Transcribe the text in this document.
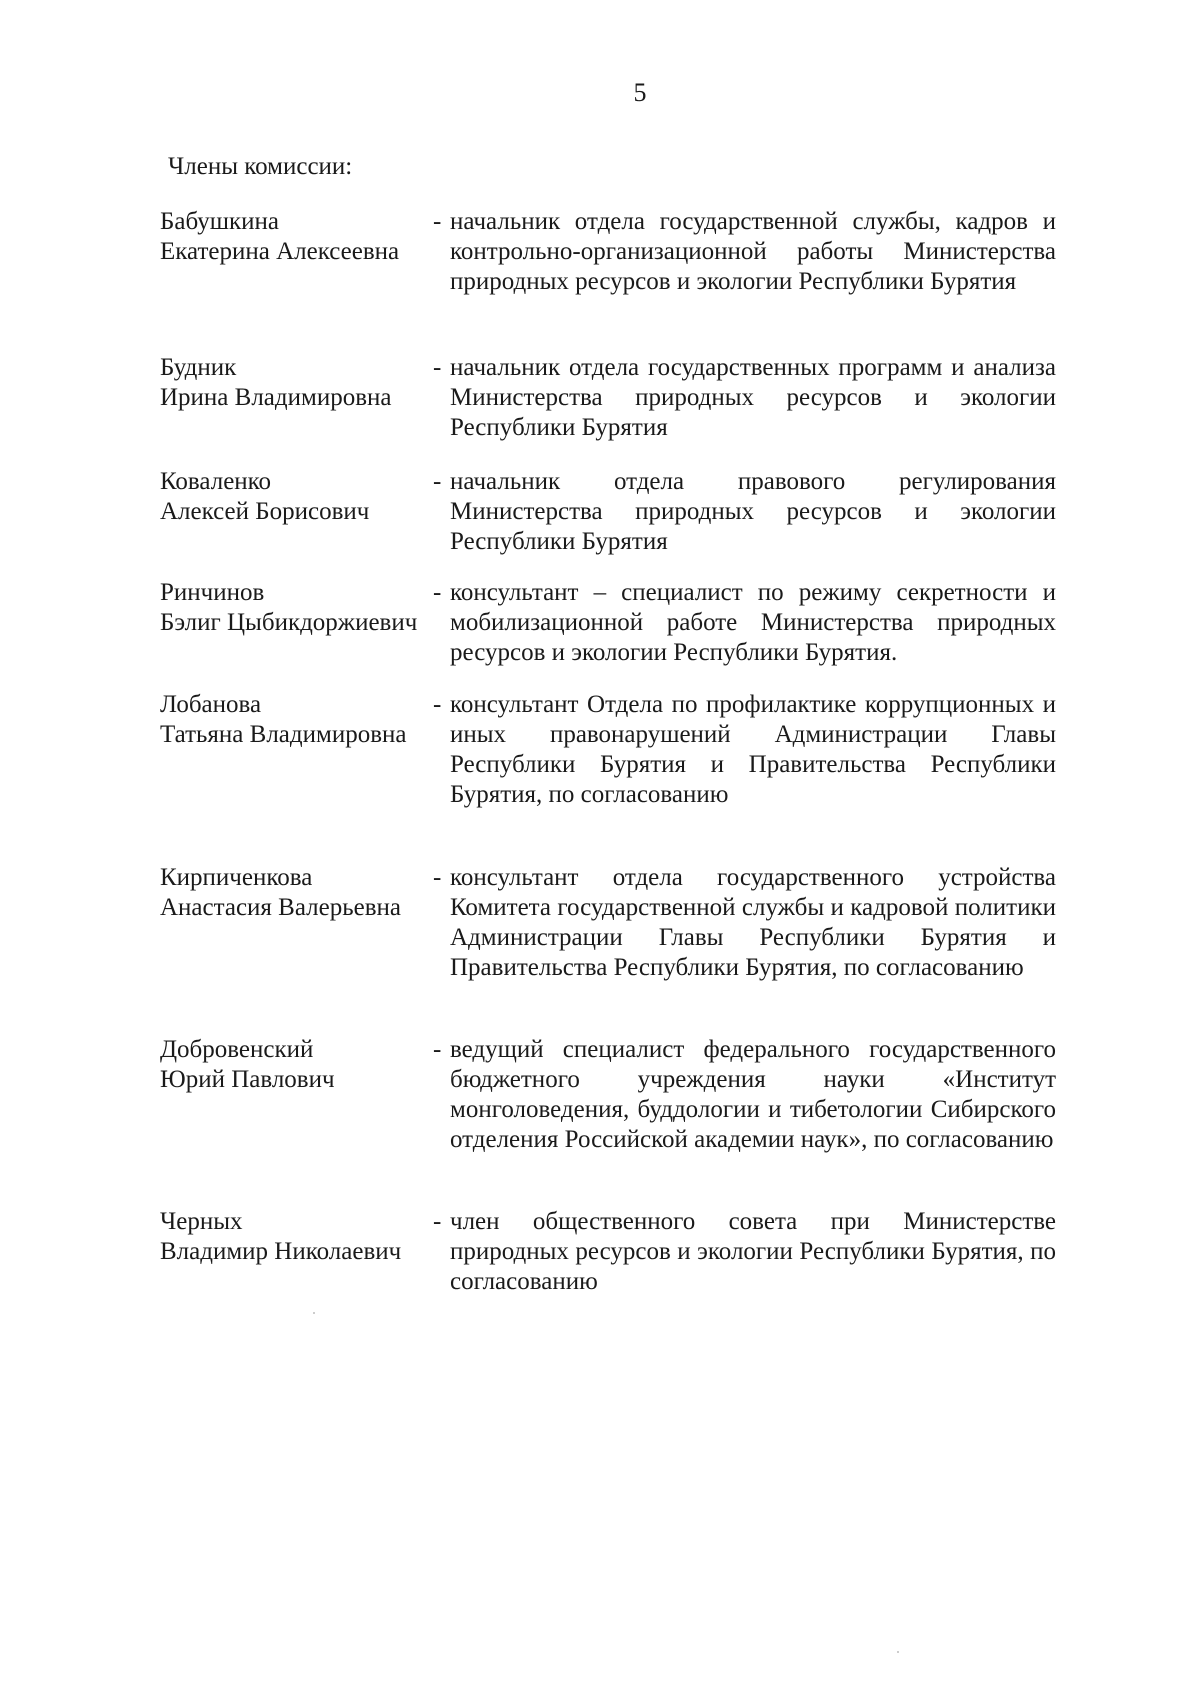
5
Члены комиссии:
Бабушкина
Екатерина Алексеевна
- начальник отдела государственной службы, кадров и контрольно-организационной работы Министерства природных ресурсов и экологии Республики Бурятия
Будник
Ирина Владимировна
- начальник отдела государственных программ и анализа Министерства природных ресурсов и экологии Республики Бурятия
Коваленко
Алексей Борисович
- начальник отдела правового регулирования Министерства природных ресурсов и экологии Республики Бурятия
Ринчинов
Бэлиг Цыбикдоржиевич
- консультант – специалист по режиму секретности и мобилизационной работе Министерства природных ресурсов и экологии Республики Бурятия.
Лобанова
Татьяна Владимировна
- консультант Отдела по профилактике коррупционных и иных правонарушений Администрации Главы Республики Бурятия и Правительства Республики Бурятия, по согласованию
Кирпиченкова
Анастасия Валерьевна
- консультант отдела государственного устройства Комитета государственной службы и кадровой политики Администрации Главы Республики Бурятия и Правительства Республики Бурятия, по согласованию
Добровенский
Юрий Павлович
- ведущий специалист федерального государственного бюджетного учреждения науки «Институт монголоведения, буддологии и тибетологии Сибирского отделения Российской академии наук», по согласованию
Черных
Владимир Николаевич
- член общественного совета при Министерстве природных ресурсов и экологии Республики Бурятия, по согласованию
